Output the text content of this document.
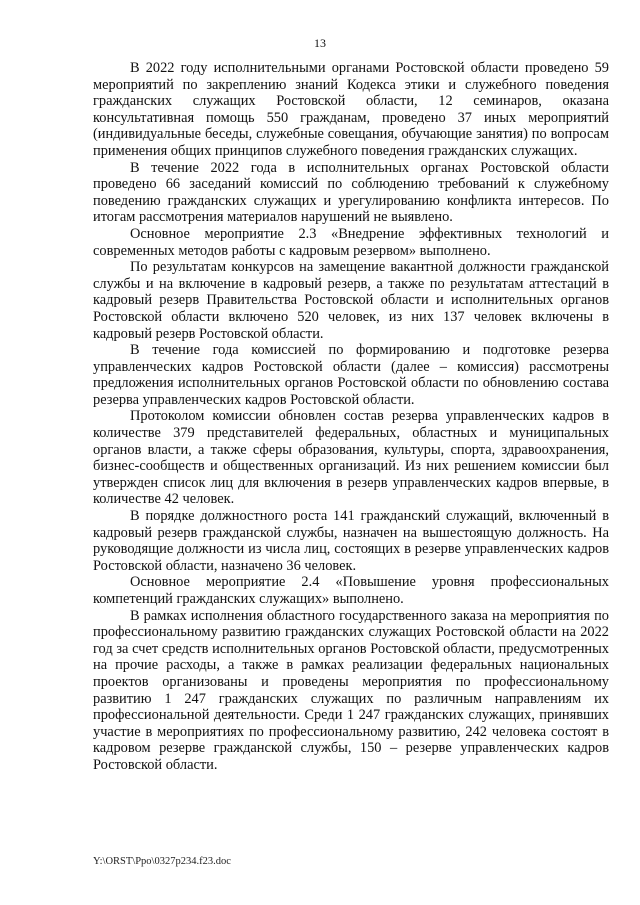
13

В 2022 году исполнительными органами Ростовской области проведено 59 мероприятий по закреплению знаний Кодекса этики и служебного поведения гражданских служащих Ростовской области, 12 семинаров, оказана консультативная помощь 550 гражданам, проведено 37 иных мероприятий (индивидуальные беседы, служебные совещания, обучающие занятия) по вопросам применения общих принципов служебного поведения гражданских служащих.

В течение 2022 года в исполнительных органах Ростовской области проведено 66 заседаний комиссий по соблюдению требований к служебному поведению гражданских служащих и урегулированию конфликта интересов. По итогам рассмотрения материалов нарушений не выявлено.

Основное мероприятие 2.3 «Внедрение эффективных технологий и современных методов работы с кадровым резервом» выполнено.

По результатам конкурсов на замещение вакантной должности гражданской службы и на включение в кадровый резерв, а также по результатам аттестаций в кадровый резерв Правительства Ростовской области и исполнительных органов Ростовской области включено 520 человек, из них 137 человек включены в кадровый резерв Ростовской области.

В течение года комиссией по формированию и подготовке резерва управленческих кадров Ростовской области (далее – комиссия) рассмотрены предложения исполнительных органов Ростовской области по обновлению состава резерва управленческих кадров Ростовской области.

Протоколом комиссии обновлен состав резерва управленческих кадров в количестве 379 представителей федеральных, областных и муниципальных органов власти, а также сферы образования, культуры, спорта, здравоохранения, бизнес-сообществ и общественных организаций. Из них решением комиссии был утвержден список лиц для включения в резерв управленческих кадров впервые, в количестве 42 человек.

В порядке должностного роста 141 гражданский служащий, включенный в кадровый резерв гражданской службы, назначен на вышестоящую должность. На руководящие должности из числа лиц, состоящих в резерве управленческих кадров Ростовской области, назначено 36 человек.

Основное мероприятие 2.4 «Повышение уровня профессиональных компетенций гражданских служащих» выполнено.

В рамках исполнения областного государственного заказа на мероприятия по профессиональному развитию гражданских служащих Ростовской области на 2022 год за счет средств исполнительных органов Ростовской области, предусмотренных на прочие расходы, а также в рамках реализации федеральных национальных проектов организованы и проведены мероприятия по профессиональному развитию 1 247 гражданских служащих по различным направлениям их профессиональной деятельности. Среди 1 247 гражданских служащих, принявших участие в мероприятиях по профессиональному развитию, 242 человека состоят в кадровом резерве гражданской службы, 150 – резерве управленческих кадров Ростовской области.

Y:\ORST\Ppo\0327p234.f23.doc
